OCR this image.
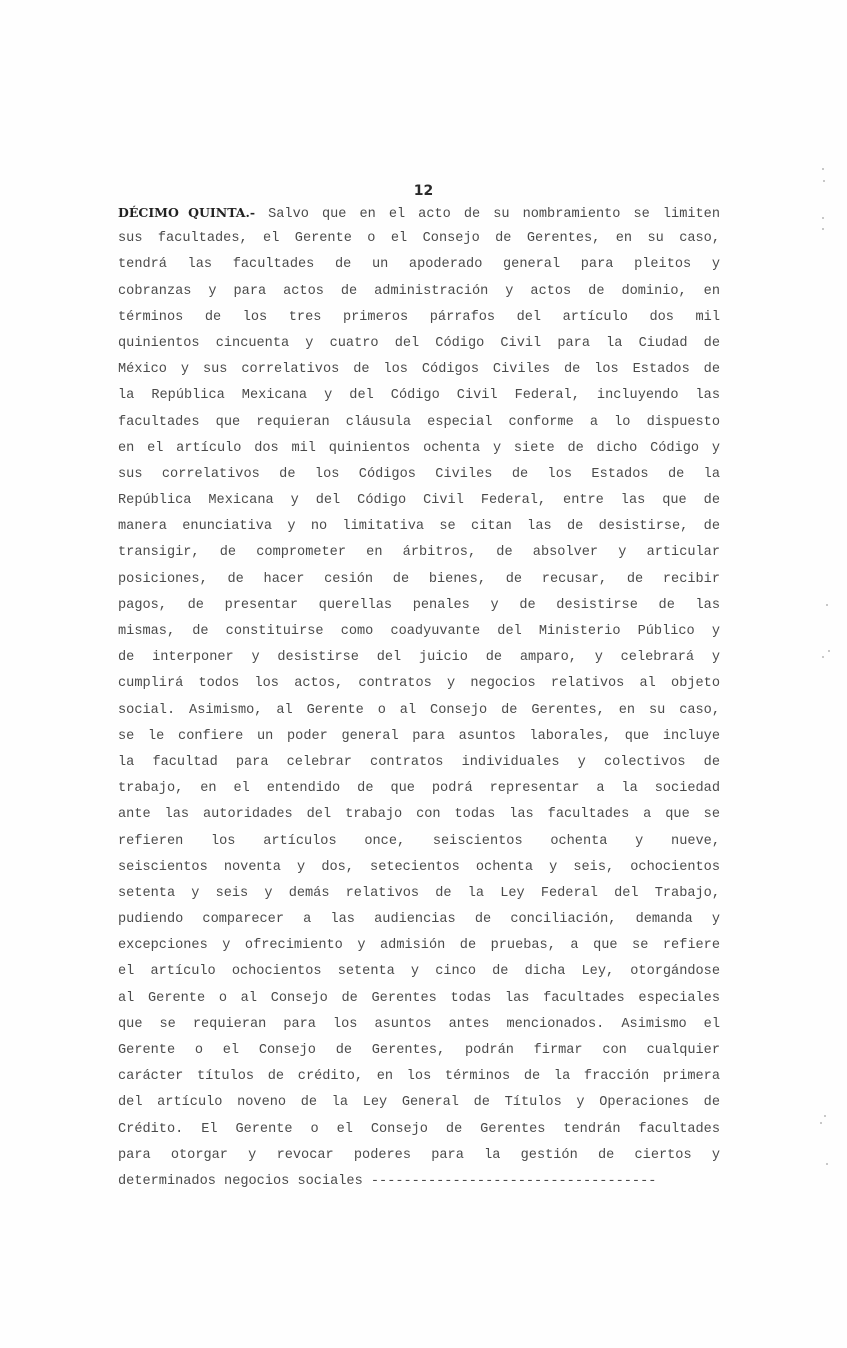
12
DÉCIMO QUINTA.- Salvo que en el acto de su nombramiento se limiten
sus facultades, el Gerente o el Consejo de Gerentes, en su caso,
tendrá las facultades de un apoderado general para pleitos y
cobranzas y para actos de administración y actos de dominio, en
términos de los tres primeros párrafos del artículo dos mil
quinientos cincuenta y cuatro del Código Civil para la Ciudad de
México y sus correlativos de los Códigos Civiles de los Estados de
la República Mexicana y del Código Civil Federal, incluyendo las
facultades que requieran cláusula especial conforme a lo dispuesto
en el artículo dos mil quinientos ochenta y siete de dicho Código y
sus correlativos de los Códigos Civiles de los Estados de la
República Mexicana y del Código Civil Federal, entre las que de
manera enunciativa y no limitativa se citan las de desistirse, de
transigir, de comprometer en árbitros, de absolver y articular
posiciones, de hacer cesión de bienes, de recusar, de recibir
pagos, de presentar querellas penales y de desistirse de las
mismas, de constituirse como coadyuvante del Ministerio Público y
de interponer y desistirse del juicio de amparo, y celebrará y
cumplirá todos los actos, contratos y negocios relativos al objeto
social. Asimismo, al Gerente o al Consejo de Gerentes, en su caso,
se le confiere un poder general para asuntos laborales, que incluye
la facultad para celebrar contratos individuales y colectivos de
trabajo, en el entendido de que podrá representar a la sociedad
ante las autoridades del trabajo con todas las facultades a que se
refieren los artículos once, seiscientos ochenta y nueve,
seiscientos noventa y dos, setecientos ochenta y seis, ochocientos
setenta y seis y demás relativos de la Ley Federal del Trabajo,
pudiendo comparecer a las audiencias de conciliación, demanda y
excepciones y ofrecimiento y admisión de pruebas, a que se refiere
el artículo ochocientos setenta y cinco de dicha Ley, otorgándose
al Gerente o al Consejo de Gerentes todas las facultades especiales
que se requieran para los asuntos antes mencionados. Asimismo el
Gerente o el Consejo de Gerentes, podrán firmar con cualquier
carácter títulos de crédito, en los términos de la fracción primera
del artículo noveno de la Ley General de Títulos y Operaciones de
Crédito. El Gerente o el Consejo de Gerentes tendrán facultades
para otorgar y revocar poderes para la gestión de ciertos y
determinados negocios sociales -----------------------------------
